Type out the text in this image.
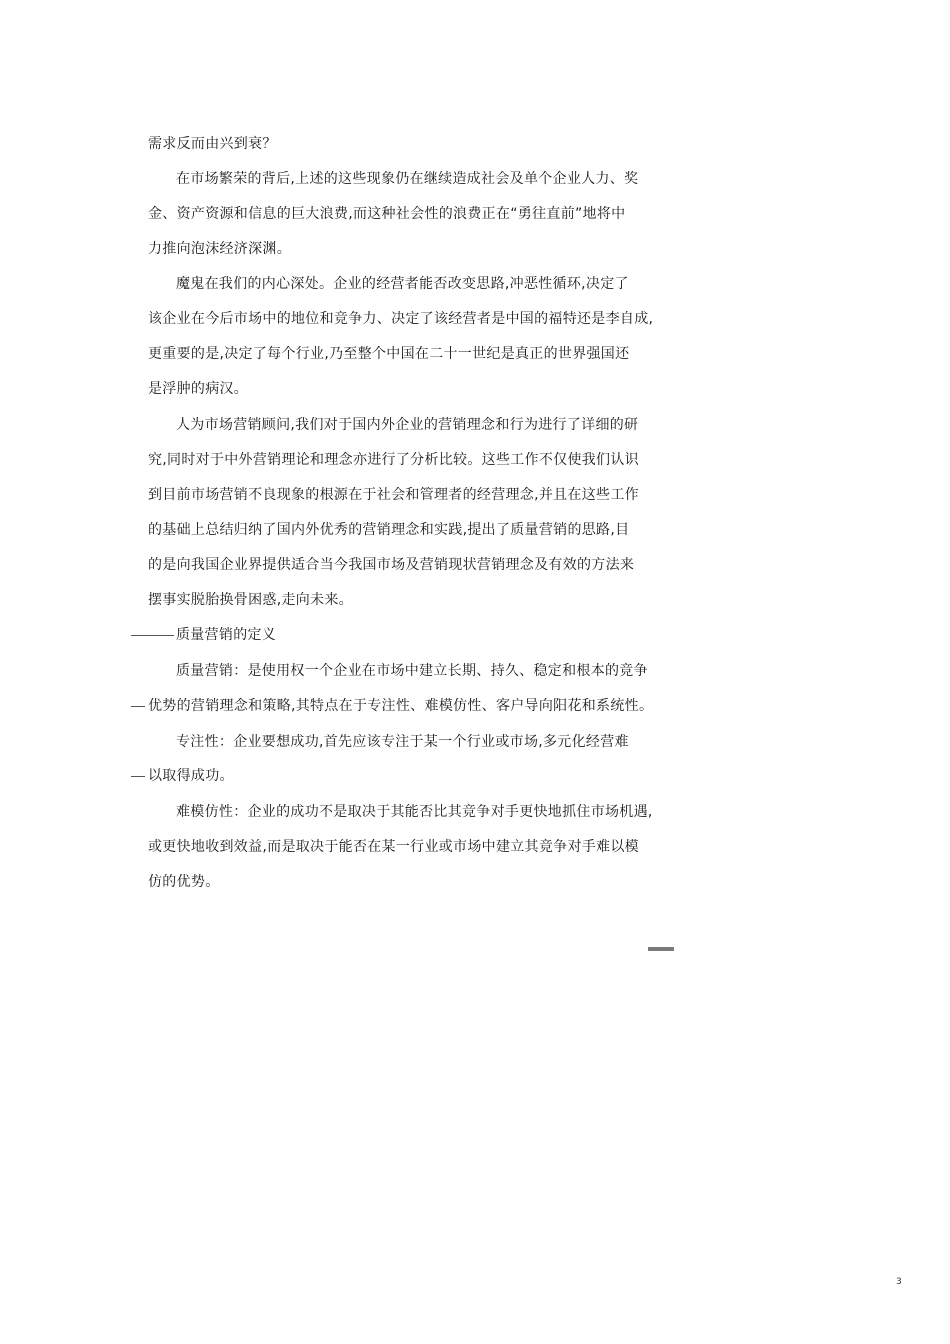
需求反而由兴到衰？
在市场繁荣的背后,上述的这些现象仍在继续造成社会及单个企业人力、奖
金、资产资源和信息的巨大浪费,而这种社会性的浪费正在“勇往直前”地将中
力推向泡沫经济深渊。
魔鬼在我们的内心深处。企业的经营者能否改变思路,冲恶性循环,决定了
该企业在今后市场中的地位和竞争力、决定了该经营者是中国的福特还是李自成,
更重要的是,决定了每个行业,乃至整个中国在二十一世纪是真正的世界强国还
是浮肿的病汉。
人为市场营销顾问,我们对于国内外企业的营销理念和行为进行了详细的研
究,同时对于中外营销理论和理念亦进行了分析比较。这些工作不仅使我们认识
到目前市场营销不良现象的根源在于社会和管理者的经营理念,并且在这些工作
的基础上总结归纳了国内外优秀的营销理念和实践,提出了质量营销的思路,目
的是向我国企业界提供适合当今我国市场及营销现状营销理念及有效的方法来
摆事实脱胎换骨困惑,走向未来。
质量营销的定义
质量营销：是使用权一个企业在市场中建立长期、持久、稳定和根本的竞争
优势的营销理念和策略,其特点在于专注性、难模仿性、客户导向阳花和系统性。
专注性：企业要想成功,首先应该专注于某一个行业或市场,多元化经营难
以取得成功。
难模仿性：企业的成功不是取决于其能否比其竞争对手更快地抓住市场机遇,
或更快地收到效益,而是取决于能否在某一行业或市场中建立其竞争对手难以模
仿的优势。
3
